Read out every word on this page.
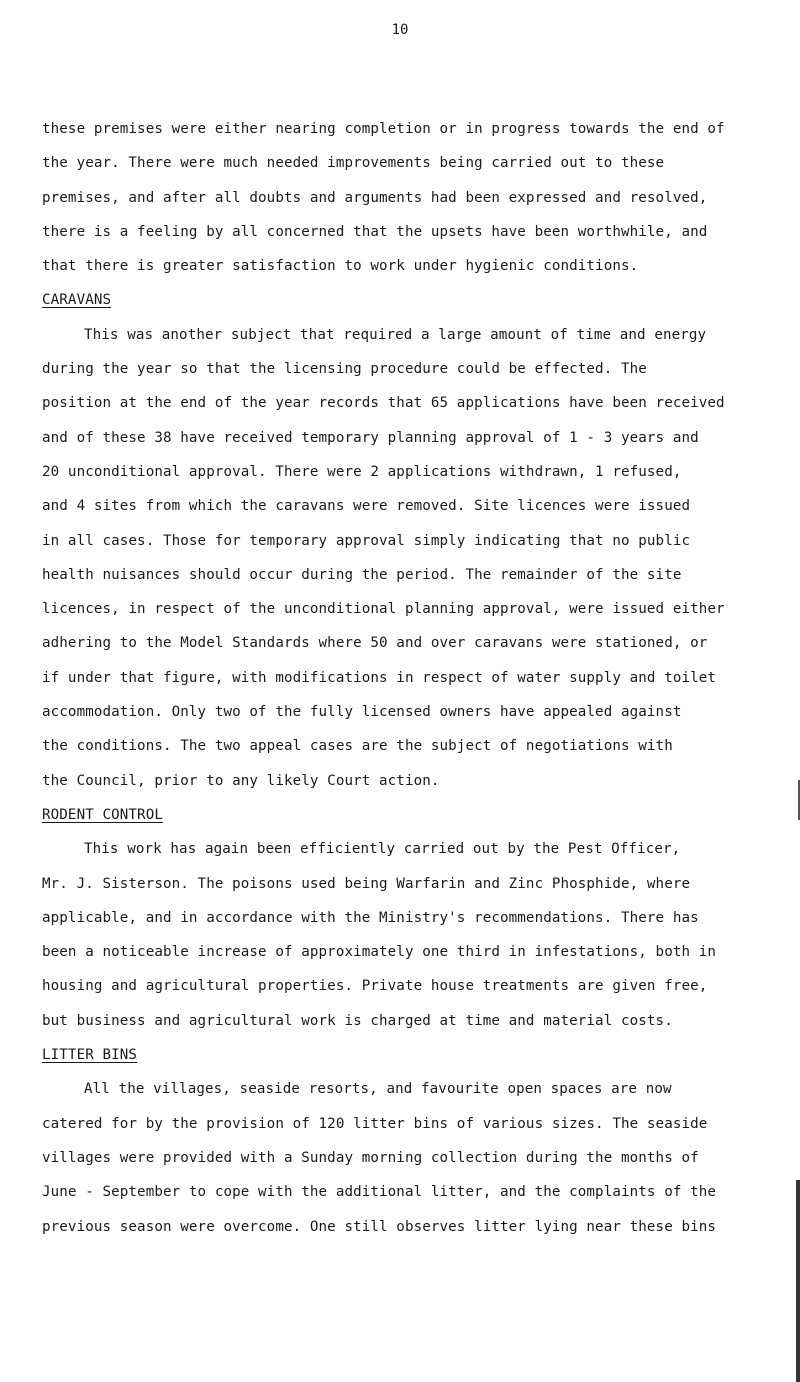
10
these premises were either nearing completion or in progress towards the end of
the year. There were much needed improvements being carried out to these
premises, and after all doubts and arguments had been expressed and resolved,
there is a feeling by all concerned that the upsets have been worthwhile, and
that there is greater satisfaction to work under hygienic conditions.
CARAVANS
This was another subject that required a large amount of time and energy
during the year so that the licensing procedure could be effected. The
position at the end of the year records that 65 applications have been received
and of these 38 have received temporary planning approval of 1 - 3 years and
20 unconditional approval. There were 2 applications withdrawn, 1 refused,
and 4 sites from which the caravans were removed. Site licences were issued
in all cases. Those for temporary approval simply indicating that no public
health nuisances should occur during the period. The remainder of the site
licences, in respect of the unconditional planning approval, were issued either
adhering to the Model Standards where 50 and over caravans were stationed, or
if under that figure, with modifications in respect of water supply and toilet
accommodation. Only two of the fully licensed owners have appealed against
the conditions. The two appeal cases are the subject of negotiations with
the Council, prior to any likely Court action.
RODENT CONTROL
This work has again been efficiently carried out by the Pest Officer,
Mr. J. Sisterson. The poisons used being Warfarin and Zinc Phosphide, where
applicable, and in accordance with the Ministry's recommendations. There has
been a noticeable increase of approximately one third in infestations, both in
housing and agricultural properties. Private house treatments are given free,
but business and agricultural work is charged at time and material costs.
LITTER BINS
All the villages, seaside resorts, and favourite open spaces are now
catered for by the provision of 120 litter bins of various sizes. The seaside
villages were provided with a Sunday morning collection during the months of
June - September to cope with the additional litter, and the complaints of the
previous season were overcome. One still observes litter lying near these bins
